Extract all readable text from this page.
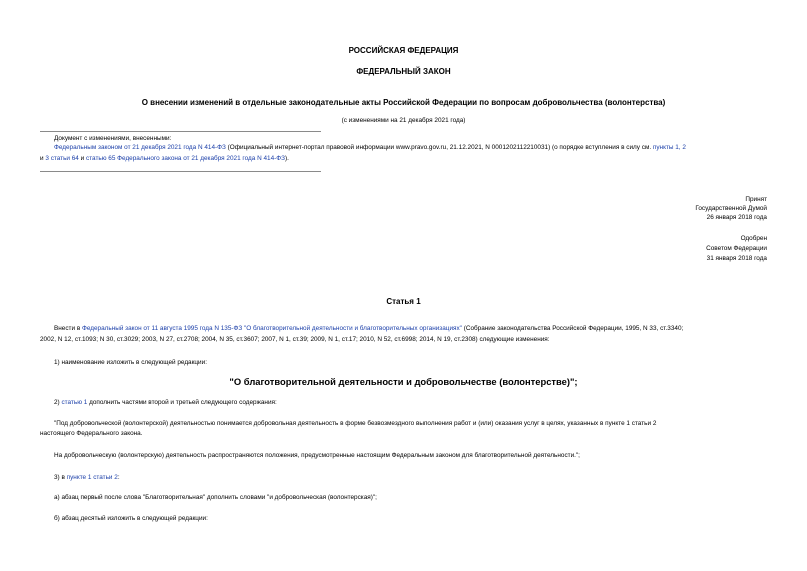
РОССИЙСКАЯ ФЕДЕРАЦИЯ
ФЕДЕРАЛЬНЫЙ ЗАКОН
О внесении изменений в отдельные законодательные акты Российской Федерации по вопросам добровольчества (волонтерства)
(с изменениями на 21 декабря 2021 года)
Документ с изменениями, внесенными:
Федеральным законом от 21 декабря 2021 года N 414-ФЗ (Официальный интернет-портал правовой информации www.pravo.gov.ru, 21.12.2021, N 0001202112210031) (о порядке вступления в силу см. пункты 1, 2
и 3 статьи 64 и статью 65 Федерального закона от 21 декабря 2021 года N 414-ФЗ).
Принят
Государственной Думой
26 января 2018 года
Одобрен
Советом Федерации
31 января 2018 года
Статья 1
Внести в Федеральный закон от 11 августа 1995 года N 135-ФЗ "О благотворительной деятельности и благотворительных организациях" (Собрание законодательства Российской Федерации, 1995, N 33, ст.3340;
2002, N 12, ст.1093; N 30, ст.3029; 2003, N 27, ст.2708; 2004, N 35, ст.3607; 2007, N 1, ст.39; 2009, N 1, ст.17; 2010, N 52, ст.6998; 2014, N 19, ст.2308) следующие изменения:
1) наименование изложить в следующей редакции:
"О благотворительной деятельности и добровольчестве (волонтерстве)";
2) статью 1 дополнить частями второй и третьей следующего содержания:
"Под добровольческой (волонтерской) деятельностью понимается добровольная деятельность в форме безвозмездного выполнения работ и (или) оказания услуг в целях, указанных в пункте 1 статьи 2
настоящего Федерального закона.
На добровольческую (волонтерскую) деятельность распространяются положения, предусмотренные настоящим Федеральным законом для благотворительной деятельности.";
3) в пункте 1 статьи 2:
а) абзац первый после слова "Благотворительная" дополнить словами "и добровольческая (волонтерская)";
б) абзац десятый изложить в следующей редакции:
